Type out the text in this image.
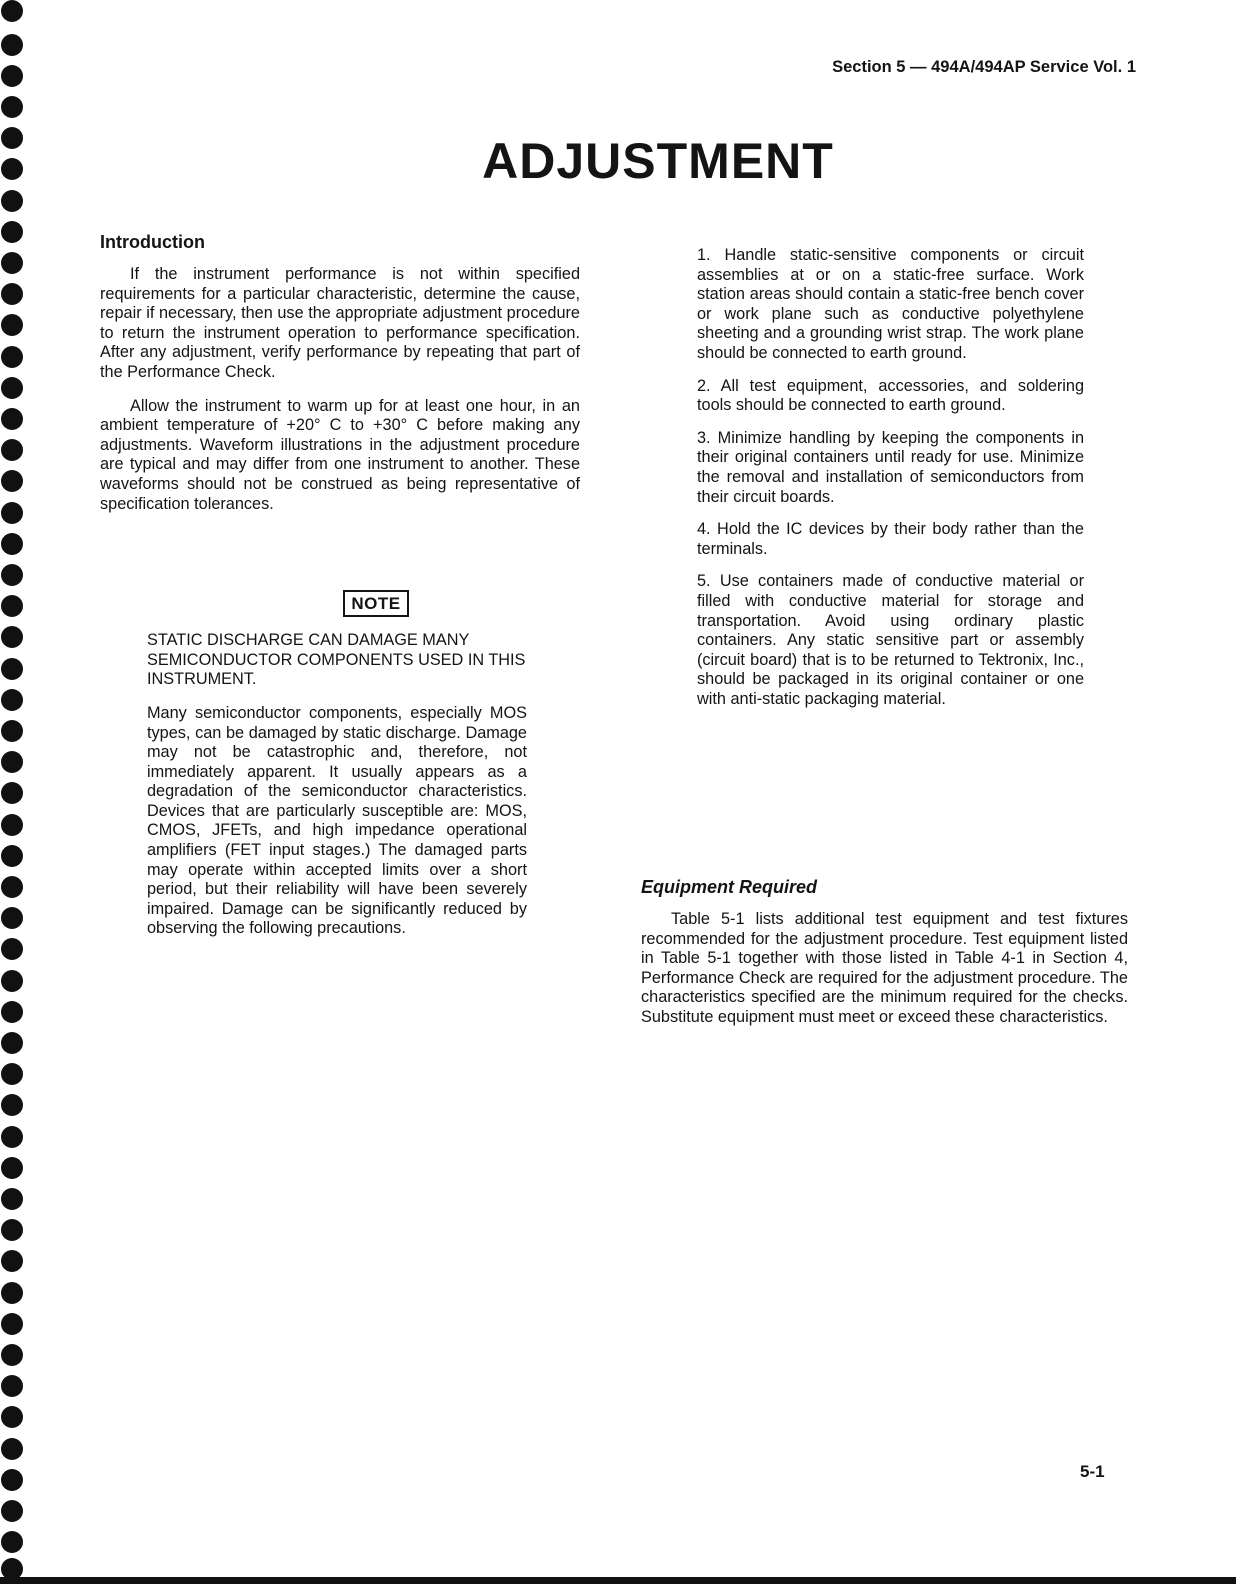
Section 5 — 494A/494AP Service Vol. 1
ADJUSTMENT
Introduction

If the instrument performance is not within specified requirements for a particular characteristic, determine the cause, repair if necessary, then use the appropriate adjustment procedure to return the instrument operation to performance specification. After any adjustment, verify performance by repeating that part of the Performance Check.

Allow the instrument to warm up for at least one hour, in an ambient temperature of +20° C to +30° C before making any adjustments. Waveform illustrations in the adjustment procedure are typical and may differ from one instrument to another. These waveforms should not be construed as being representative of specification tolerances.

NOTE

STATIC DISCHARGE CAN DAMAGE MANY SEMICONDUCTOR COMPONENTS USED IN THIS INSTRUMENT.

Many semiconductor components, especially MOS types, can be damaged by static discharge. Damage may not be catastrophic and, therefore, not immediately apparent. It usually appears as a degradation of the semiconductor characteristics. Devices that are particularly susceptible are: MOS, CMOS, JFETs, and high impedance operational amplifiers (FET input stages.) The damaged parts may operate within accepted limits over a short period, but their reliability will have been severely impaired. Damage can be significantly reduced by observing the following precautions.

1. Handle static-sensitive components or circuit assemblies at or on a static-free surface. Work station areas should contain a static-free bench cover or work plane such as conductive polyethylene sheeting and a grounding wrist strap. The work plane should be connected to earth ground.

2. All test equipment, accessories, and soldering tools should be connected to earth ground.

3. Minimize handling by keeping the components in their original containers until ready for use. Minimize the removal and installation of semiconductors from their circuit boards.

4. Hold the IC devices by their body rather than the terminals.

5. Use containers made of conductive material or filled with conductive material for storage and transportation. Avoid using ordinary plastic containers. Any static sensitive part or assembly (circuit board) that is to be returned to Tektronix, Inc., should be packaged in its original container or one with anti-static packaging material.

Equipment Required

Table 5-1 lists additional test equipment and test fixtures recommended for the adjustment procedure. Test equipment listed in Table 5-1 together with those listed in Table 4-1 in Section 4, Performance Check are required for the adjustment procedure. The characteristics specified are the minimum required for the checks. Substitute equipment must meet or exceed these characteristics.

5-1
